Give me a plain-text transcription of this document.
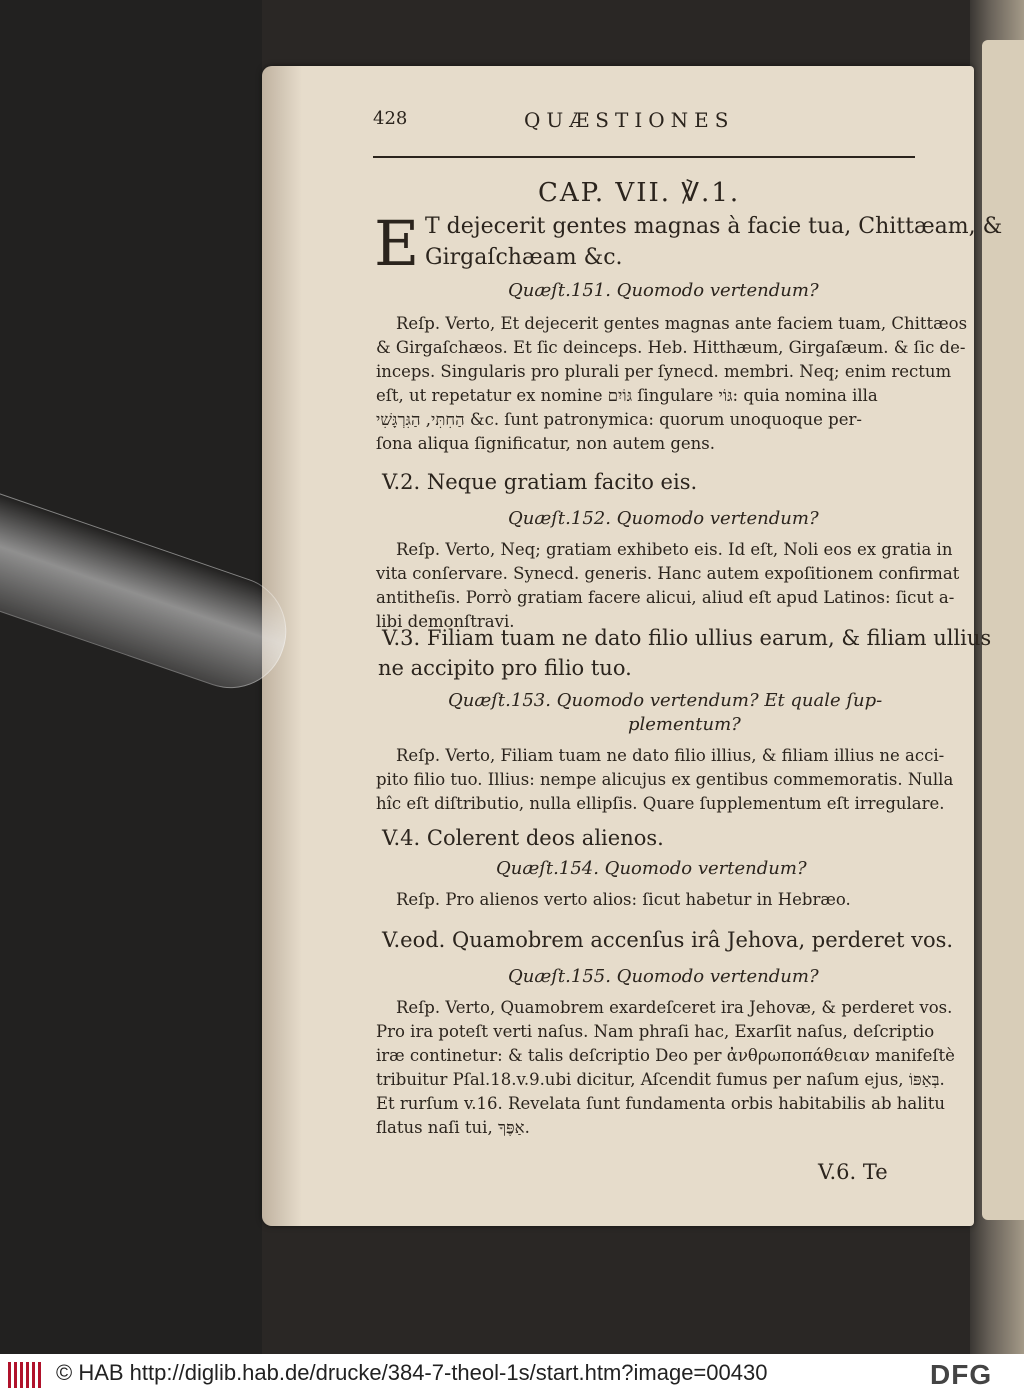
428	QUÆSTIONES
CAP. VII. ℣.1.
E T dejecerit gentes magnas à facie tua, Chittæam, &
Girgaſchæam &c.
Quæſt.151. Quomodo vertendum?
Reſp. Verto, Et dejecerit gentes magnas ante faciem tuam, Chittæos
& Girgaſchæos. Et ſic deinceps. Heb. Hitthæum, Girgaſæum. & ſic de-
inceps. Singularis pro plurali per ſynecd. membri. Neq; enim rectum
eſt, ut repetatur ex nomine גּוֹיִם ſingulare גּוֹי: quia nomina illa
הַחִתִּי, הַגִּרְגָּשִׁי &c. ſunt patronymica: quorum unoquoque per-
ſona aliqua ſignificatur, non autem gens.
V.2. Neque gratiam facito eis.
Quæſt.152. Quomodo vertendum?
Reſp. Verto, Neq; gratiam exhibeto eis. Id eſt, Noli eos ex gratia in
vita conſervare. Synecd. generis. Hanc autem expoſitionem confirmat
antitheſis. Porrò gratiam facere alicui, aliud eſt apud Latinos: ſicut a-
libi demonſtravi.
V.3. Filiam tuam ne dato filio ullius earum, & filiam ullius
ne accipito pro filio tuo.
Quæſt.153. Quomodo vertendum? Et quale ſup-
plementum?
Reſp. Verto, Filiam tuam ne dato filio illius, & filiam illius ne acci-
pito filio tuo. Illius: nempe alicujus ex gentibus commemoratis. Nulla
hîc eſt diſtributio, nulla ellipſis. Quare ſupplementum eſt irregulare.
V.4. Colerent deos alienos.
Quæſt.154. Quomodo vertendum?
Reſp. Pro alienos verto alios: ſicut habetur in Hebræo.
V.eod. Quamobrem accenſus irâ Jehova, perderet vos.
Quæſt.155. Quomodo vertendum?
Reſp. Verto, Quamobrem exardeſceret ira Jehovæ, & perderet vos.
Pro ira poteſt verti naſus. Nam phraſi hac, Exarſit naſus, deſcriptio
iræ continetur: & talis deſcriptio Deo per ἀνθρωποπάθειαν manifeſtè
tribuitur Pſal.18.v.9.ubi dicitur, Aſcendit fumus per naſum ejus, בְּאַפּוֹ.
Et rurſum v.16. Revelata ſunt fundamenta orbis habitabilis ab halitu
flatus naſi tui, אַפֶּךָ.
V.6. Te
© HAB http://diglib.hab.de/drucke/384-7-theol-1s/start.htm?image=00430	DFG
